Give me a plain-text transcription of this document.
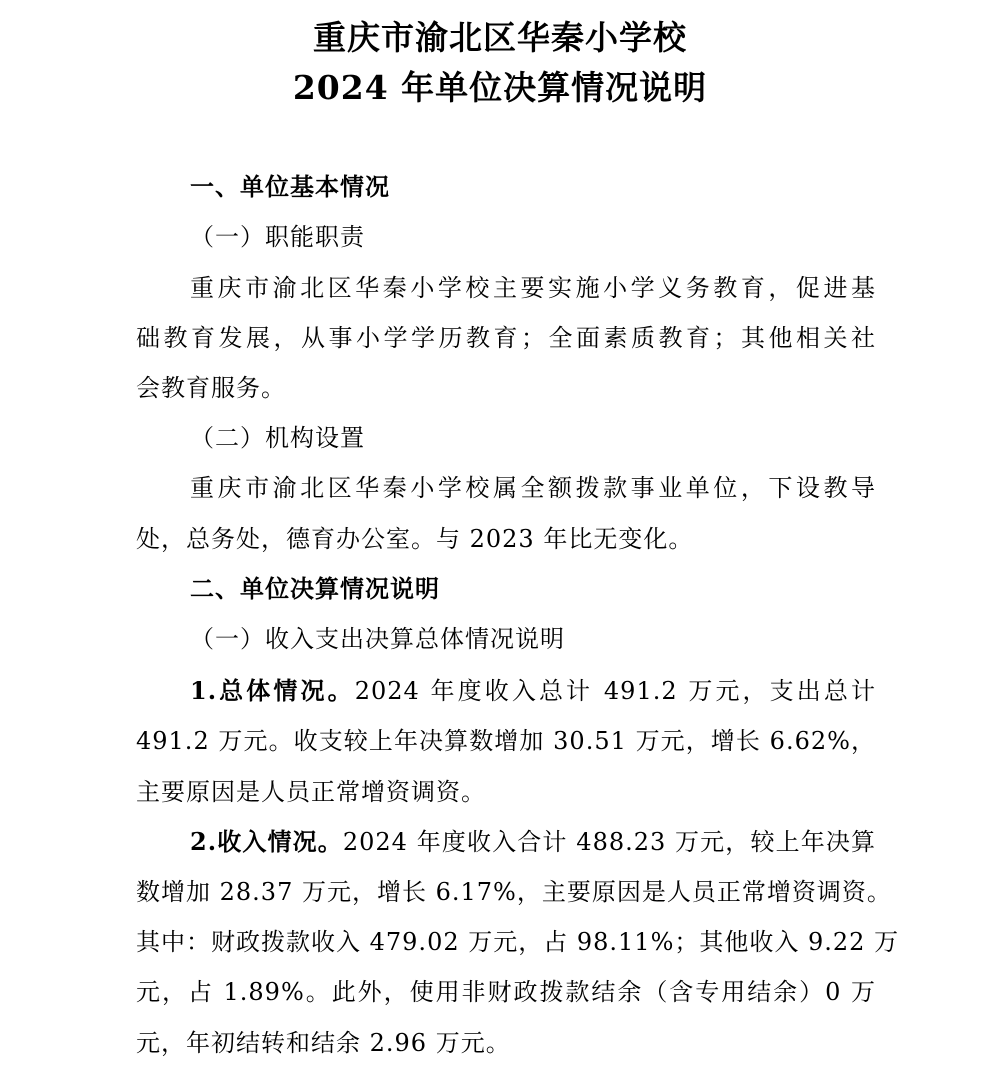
重庆市渝北区华秦小学校
2024 年单位决算情况说明
一、单位基本情况
（一）职能职责
重庆市渝北区华秦小学校主要实施小学义务教育，促进基
础教育发展，从事小学学历教育；全面素质教育；其他相关社
会教育服务。
（二）机构设置
重庆市渝北区华秦小学校属全额拨款事业单位，下设教导
处，总务处，德育办公室。与 2023 年比无变化。
二、单位决算情况说明
（一）收入支出决算总体情况说明
1.总体情况。2024 年度收入总计 491.2 万元，支出总计
491.2 万元。收支较上年决算数增加 30.51 万元，增长 6.62%，
主要原因是人员正常增资调资。
2.收入情况。2024 年度收入合计 488.23 万元，较上年决算
数增加 28.37 万元，增长 6.17%，主要原因是人员正常增资调资。
其中：财政拨款收入 479.02 万元，占 98.11%；其他收入 9.22 万
元，占 1.89%。此外，使用非财政拨款结余（含专用结余）0 万
元，年初结转和结余 2.96 万元。
